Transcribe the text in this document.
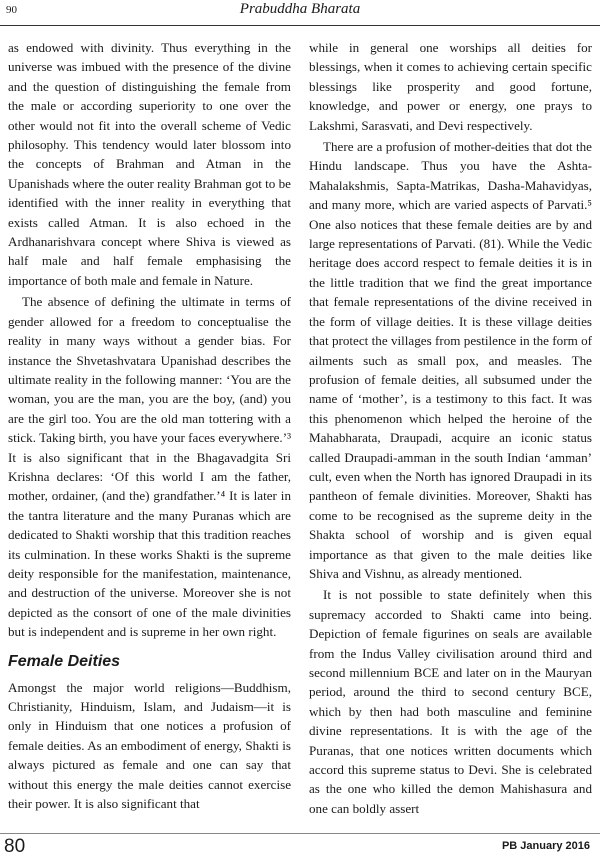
90	Prabuddha Bharata

as endowed with divinity. Thus everything in the universe was imbued with the presence of the divine and the question of distinguishing the female from the male or according superiority to one over the other would not fit into the overall scheme of Vedic philosophy. This tendency would later blossom into the concepts of Brahman and Atman in the Upanishads where the outer reality Brahman got to be identified with the inner reality in everything that exists called Atman. It is also echoed in the Ardhanarishvara concept where Shiva is viewed as half male and half female emphasising the importance of both male and female in Nature.

The absence of defining the ultimate in terms of gender allowed for a freedom to conceptualise the reality in many ways without a gender bias. For instance the Shvetashvatara Upanishad describes the ultimate reality in the following manner: ‘You are the woman, you are the man, you are the boy, (and) you are the girl too. You are the old man tottering with a stick. Taking birth, you have your faces everywhere.’³ It is also significant that in the Bhagavadgita Sri Krishna declares: ‘Of this world I am the father, mother, ordainer, (and the) grandfather.’⁴ It is later in the tantra literature and the many Puranas which are dedicated to Shakti worship that this tradition reaches its culmination. In these works Shakti is the supreme deity responsible for the manifestation, maintenance, and destruction of the universe. Moreover she is not depicted as the consort of one of the male divinities but is independent and is supreme in her own right.

Female Deities

Amongst the major world religions—Buddhism, Christianity, Hinduism, Islam, and Judaism—it is only in Hinduism that one notices a profusion of female deities. As an embodiment of energy, Shakti is always pictured as female and one can say that without this energy the male deities cannot exercise their power. It is also significant that

while in general one worships all deities for blessings, when it comes to achieving certain specific blessings like prosperity and good fortune, knowledge, and power or energy, one prays to Lakshmi, Sarasvati, and Devi respectively.

There are a profusion of mother-deities that dot the Hindu landscape. Thus you have the Ashta-Mahalakshmis, Sapta-Matrikas, Dasha-Mahavidyas, and many more, which are varied aspects of Parvati.⁵ One also notices that these female deities are by and large representations of Parvati. (81). While the Vedic heritage does accord respect to female deities it is in the little tradition that we find the great importance that female representations of the divine received in the form of village deities. It is these village deities that protect the villages from pestilence in the form of ailments such as small pox, and measles. The profusion of female deities, all subsumed under the name of ‘mother’, is a testimony to this fact. It was this phenomenon which helped the heroine of the Mahabharata, Draupadi, acquire an iconic status called Draupadi-amman in the south Indian ‘amman’ cult, even when the North has ignored Draupadi in its pantheon of female divinities. Moreover, Shakti has come to be recognised as the supreme deity in the Shakta school of worship and is given equal importance as that given to the male deities like Shiva and Vishnu, as already mentioned.

It is not possible to state definitely when this supremacy accorded to Shakti came into being. Depiction of female figurines on seals are available from the Indus Valley civilisation around third and second millennium BCE and later on in the Mauryan period, around the third to second century BCE, which by then had both masculine and feminine divine representations. It is with the age of the Puranas, that one notices written documents which accord this supreme status to Devi. She is celebrated as the one who killed the demon Mahishasura and one can boldly assert

80	PB January 2016
